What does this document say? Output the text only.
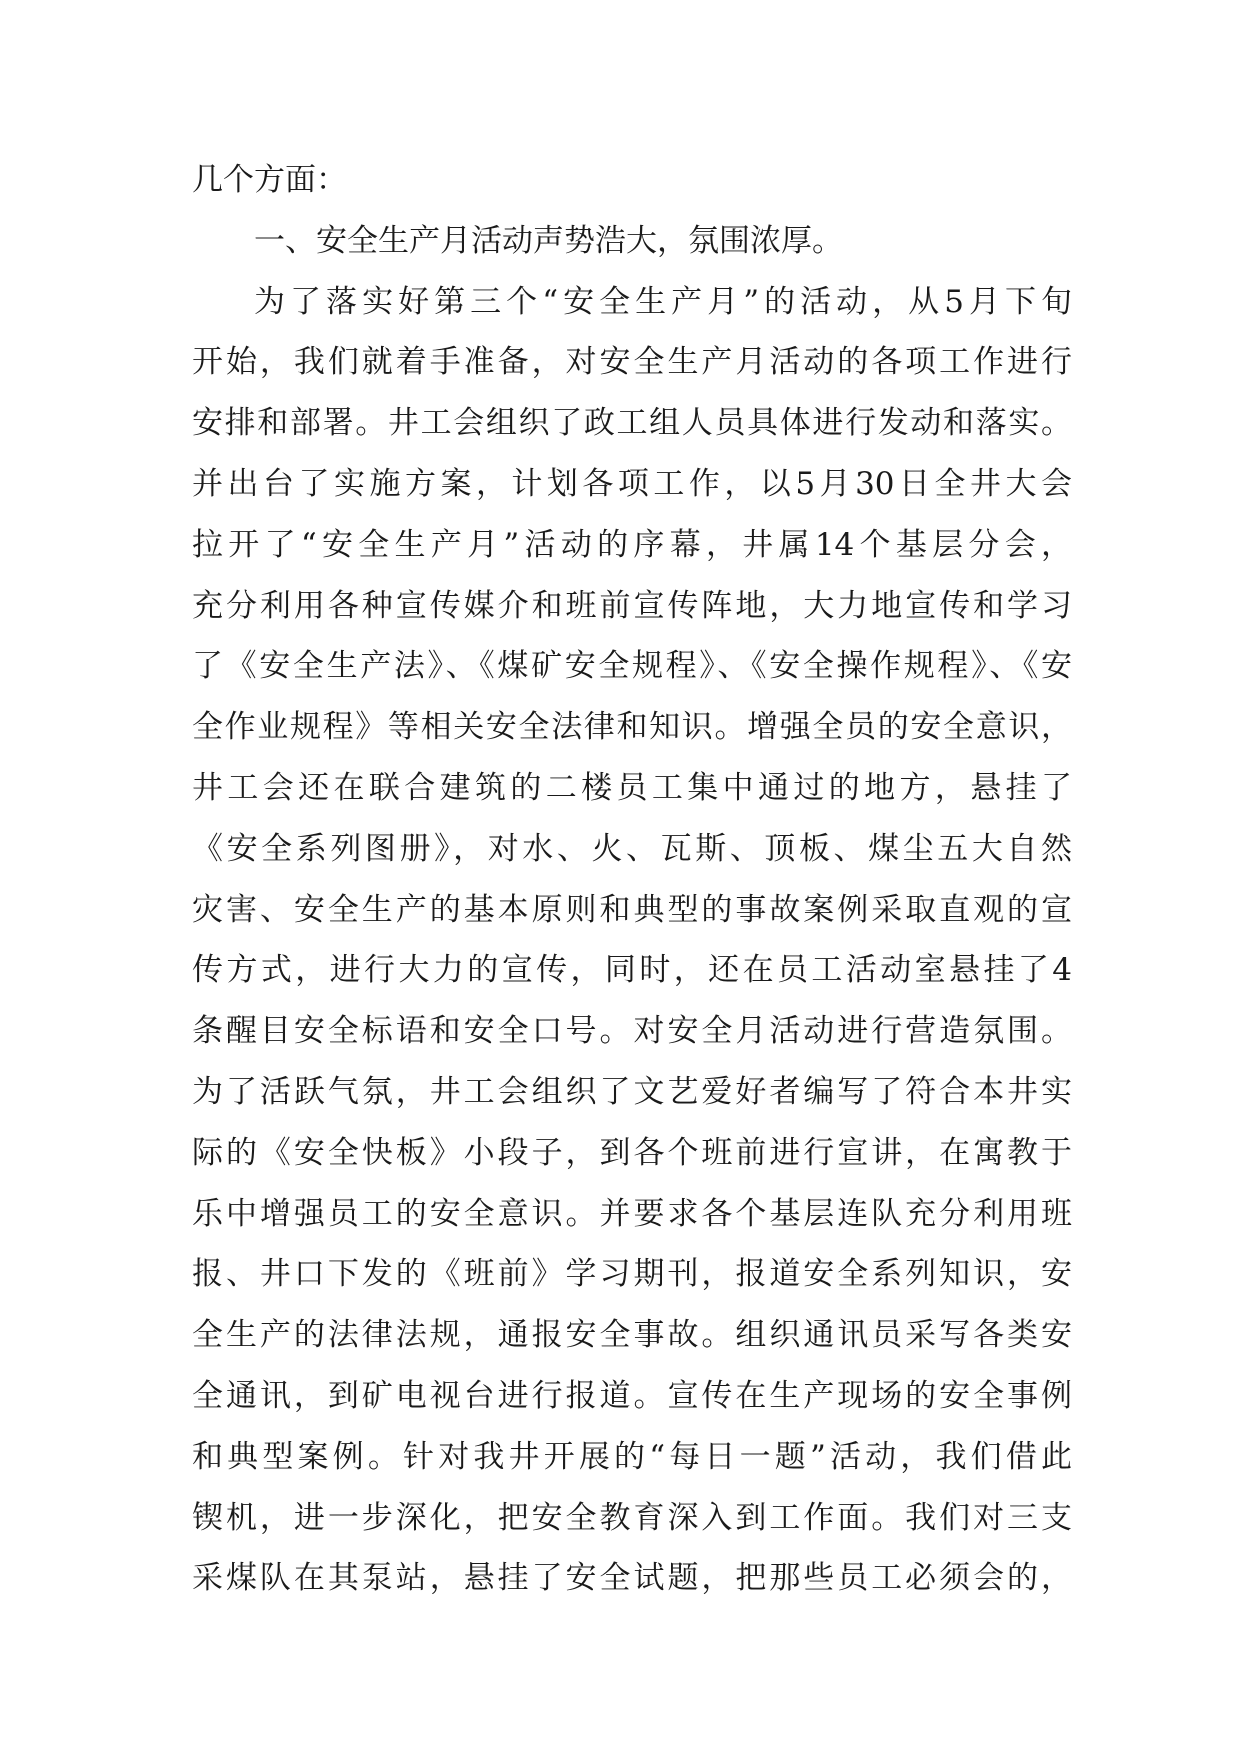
几个方面：
一、安全生产月活动声势浩大，氛围浓厚。
为了落实好第三个“安全生产月”的活动，从5月下旬
开始，我们就着手准备，对安全生产月活动的各项工作进行
安排和部署。井工会组织了政工组人员具体进行发动和落实。
并出台了实施方案，计划各项工作，以5月30日全井大会
拉开了“安全生产月”活动的序幕，井属14个基层分会，
充分利用各种宣传媒介和班前宣传阵地，大力地宣传和学习
了《安全生产法》、《煤矿安全规程》、《安全操作规程》、《安
全作业规程》等相关安全法律和知识。增强全员的安全意识，
井工会还在联合建筑的二楼员工集中通过的地方，悬挂了
《安全系列图册》，对水、火、瓦斯、顶板、煤尘五大自然
灾害、安全生产的基本原则和典型的事故案例采取直观的宣
传方式，进行大力的宣传，同时，还在员工活动室悬挂了4
条醒目安全标语和安全口号。对安全月活动进行营造氛围。
为了活跃气氛，井工会组织了文艺爱好者编写了符合本井实
际的《安全快板》小段子，到各个班前进行宣讲，在寓教于
乐中增强员工的安全意识。并要求各个基层连队充分利用班
报、井口下发的《班前》学习期刊，报道安全系列知识，安
全生产的法律法规，通报安全事故。组织通讯员采写各类安
全通讯，到矿电视台进行报道。宣传在生产现场的安全事例
和典型案例。针对我井开展的“每日一题”活动，我们借此
锲机，进一步深化，把安全教育深入到工作面。我们对三支
采煤队在其泵站，悬挂了安全试题，把那些员工必须会的，
